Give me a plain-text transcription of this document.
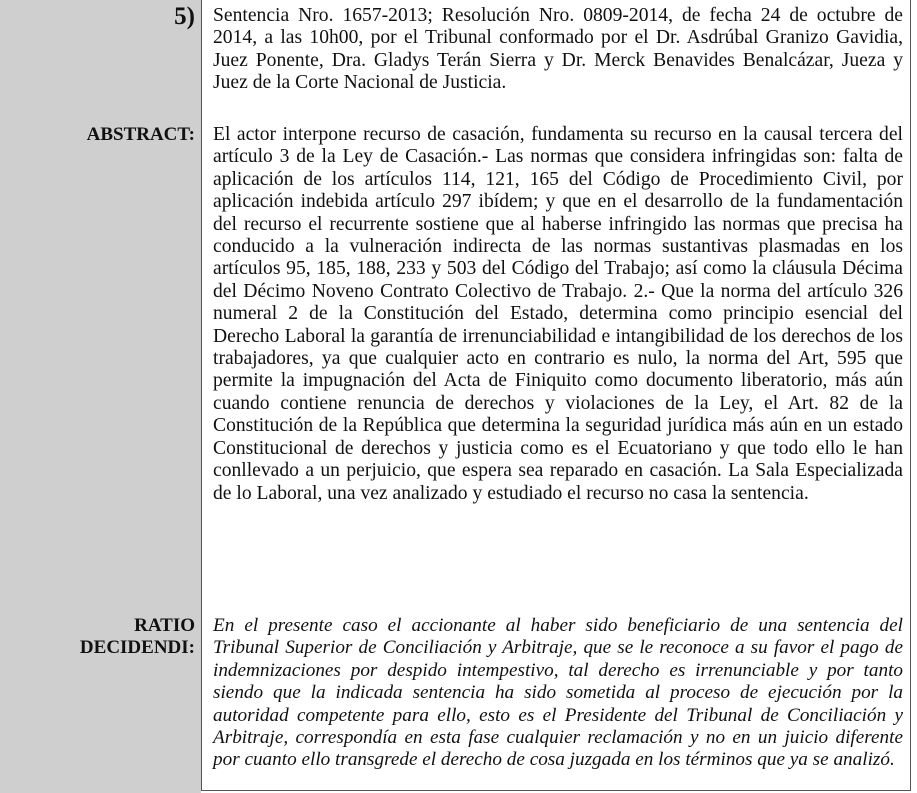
5) Sentencia Nro. 1657-2013; Resolución Nro. 0809-2014, de fecha 24 de octubre de 2014, a las 10h00, por el Tribunal conformado por el Dr. Asdrúbal Granizo Gavidia, Juez Ponente, Dra. Gladys Terán Sierra y Dr. Merck Benavides Benalcázar, Jueza y Juez de la Corte Nacional de Justicia.
ABSTRACT: El actor interpone recurso de casación, fundamenta su recurso en la causal tercera del artículo 3 de la Ley de Casación.- Las normas que considera infringidas son: falta de aplicación de los artículos 114, 121, 165 del Código de Procedimiento Civil, por aplicación indebida artículo 297 ibídem; y que en el desarrollo de la fundamentación del recurso el recurrente sostiene que al haberse infringido las normas que precisa ha conducido a la vulneración indirecta de las normas sustantivas plasmadas en los artículos 95, 185, 188, 233 y 503 del Código del Trabajo; así como la cláusula Décima del Décimo Noveno Contrato Colectivo de Trabajo. 2.- Que la norma del artículo 326 numeral 2 de la Constitución del Estado, determina como principio esencial del Derecho Laboral la garantía de irrenunciabilidad e intangibilidad de los derechos de los trabajadores, ya que cualquier acto en contrario es nulo, la norma del Art, 595 que permite la impugnación del Acta de Finiquito como documento liberatorio, más aún cuando contiene renuncia de derechos y violaciones de la Ley, el Art. 82 de la Constitución de la República que determina la seguridad jurídica más aún en un estado Constitucional de derechos y justicia como es el Ecuatoriano y que todo ello le han conllevado a un perjuicio, que espera sea reparado en casación. La Sala Especializada de lo Laboral, una vez analizado y estudiado el recurso no casa la sentencia.
RATIO
DECIDENDI:
En el presente caso el accionante al haber sido beneficiario de una sentencia del Tribunal Superior de Conciliación y Arbitraje, que se le reconoce a su favor el pago de indemnizaciones por despido intempestivo, tal derecho es irrenunciable y por tanto siendo que la indicada sentencia ha sido sometida al proceso de ejecución por la autoridad competente para ello, esto es el Presidente del Tribunal de Conciliación y Arbitraje, correspondía en esta fase cualquier reclamación y no en un juicio diferente por cuanto ello transgrede el derecho de cosa juzgada en los términos que ya se analizó.
